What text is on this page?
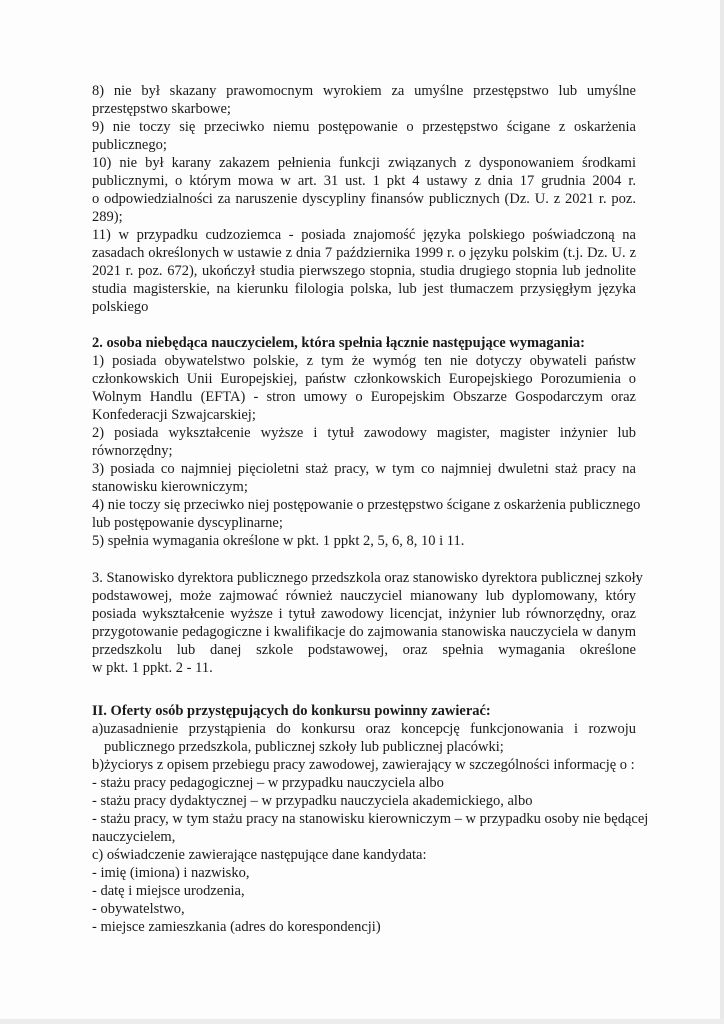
8) nie był skazany prawomocnym wyrokiem za umyślne przestępstwo lub umyślne

przestępstwo skarbowe;

9) nie toczy się przeciwko niemu postępowanie o przestępstwo ścigane z oskarżenia

publicznego;

10) nie był karany zakazem pełnienia funkcji związanych z dysponowaniem środkami

publicznymi, o którym mowa w art. 31 ust. 1 pkt 4 ustawy z dnia 17 grudnia 2004 r.

o odpowiedzialności za naruszenie dyscypliny finansów publicznych (Dz. U. z 2021 r. poz.

289);

11) w przypadku cudzoziemca - posiada znajomość języka polskiego poświadczoną na

zasadach określonych w ustawie z dnia 7 października 1999 r. o języku polskim (t.j. Dz. U. z

2021 r. poz. 672), ukończył studia pierwszego stopnia, studia drugiego stopnia lub jednolite

studia magisterskie, na kierunku filologia polska, lub jest tłumaczem przysięgłym języka

polskiego

2. osoba niebędąca nauczycielem, która spełnia łącznie następujące wymagania:

1) posiada obywatelstwo polskie, z tym że wymóg ten nie dotyczy obywateli państw

członkowskich Unii Europejskiej, państw członkowskich Europejskiego Porozumienia o

Wolnym Handlu (EFTA) - stron umowy o Europejskim Obszarze Gospodarczym oraz

Konfederacji Szwajcarskiej;

2) posiada wykształcenie wyższe i tytuł zawodowy magister, magister inżynier lub

równorzędny;

3) posiada co najmniej pięcioletni staż pracy, w tym co najmniej dwuletni staż pracy na

stanowisku kierowniczym;

4) nie toczy się przeciwko niej postępowanie o przestępstwo ścigane z oskarżenia publicznego

lub postępowanie dyscyplinarne;

5) spełnia wymagania określone w pkt. 1 ppkt 2, 5, 6, 8, 10 i 11.

3. Stanowisko dyrektora publicznego przedszkola oraz stanowisko dyrektora publicznej szkoły

podstawowej, może zajmować również nauczyciel mianowany lub dyplomowany, który

posiada wykształcenie wyższe i tytuł zawodowy licencjat, inżynier lub równorzędny, oraz

przygotowanie pedagogiczne i kwalifikacje do zajmowania stanowiska nauczyciela w danym

przedszkolu lub danej szkole podstawowej, oraz spełnia wymagania określone

w pkt. 1 ppkt. 2 - 11.

II. Oferty osób przystępujących do konkursu powinny zawierać:

a)uzasadnienie przystąpienia do konkursu oraz koncepcję funkcjonowania i rozwoju

publicznego przedszkola, publicznej szkoły lub publicznej placówki;

b)życiorys z opisem przebiegu pracy zawodowej, zawierający w szczególności informację o :

- stażu pracy pedagogicznej – w przypadku nauczyciela albo

- stażu pracy dydaktycznej – w przypadku nauczyciela akademickiego, albo

- stażu pracy, w tym stażu pracy na stanowisku kierowniczym – w przypadku osoby nie będącej

nauczycielem,

c) oświadczenie zawierające następujące dane kandydata:

- imię (imiona) i nazwisko,

- datę i miejsce urodzenia,

- obywatelstwo,

- miejsce zamieszkania (adres do korespondencji)
